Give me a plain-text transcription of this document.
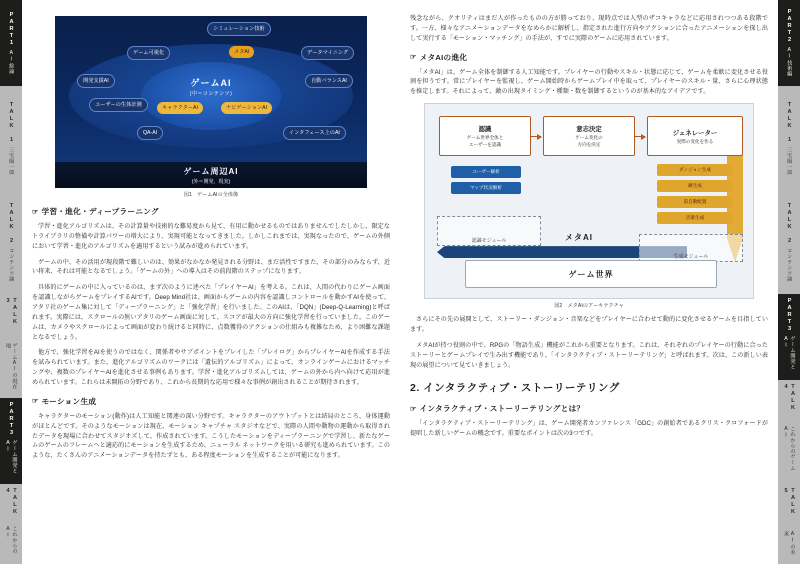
PART1
AI総論
TALK 1
三宅陽一郎
TALK 2
コンテンツ論
TALK 3
ゲームAIの現在地
PART3
ゲーム開発とAI
TALK 4
これからのAI
ゲームAI
(中＝コンテンツ)
シミュレーション技術
ゲーム可視化	メタAI	データマイニング
開発支援AI	自動バランスAI
ユーザーの生体計測	キャラクターAI	ナビゲーションAI
QA-AI	インタフェース上のAI
ゲーム周辺AI
(外＝開発、現実)
図1　ゲームAIの全体像
☞ 学習・進化・ディープラーニング

学習・進化アルゴリズムは、その計算量や技術的な難易度から見て、有用に動かせるものではありませんでしたしかし、限定なトライブラリの整備や計算パワーの増大により、実現可能となってきました。しかしこれまでは、実現なったので、ゲームの外側において学習・進化のアルゴリズムを適用するという試みが進められています。

ゲームの中、その活用が現段階で難しいのは、効果がなかなか発見される分野は、まだ活性ですまた、その部分のみならず、近い将来、それは可能となるでしょう。「ゲームの外」への導入はその前段階のステップになります。

具体的にゲームの中に入っているのは、まず次のように述べた「プレイヤーAI」を考える。これは、人間の代わりにゲーム画面を認識しながらゲームをプレイするAIです。Deep Mind社は、画面からゲームの内容を認識しコントロールを動かすAIを使って、アタリ社のゲーム集に対して「ディープラーニング」と「強化学習」を行いました。このAIは、「DQN」(Deep-Q-Learning)と呼ばれます。実際には、スクロールの無いアタリのゲーム画面に対して、スコアが最大の方向に強化学習を行っていました。このゲームは、カメラやスクロールによって画面が変わり続けると同時に、点数獲得のアクションの仕組みも複雑なため、より困難な課題となるでしょう。

他方で、強化学習をAIを使うのではなく、関係者やサブポイントをプレイした「プレイログ」からプレイヤーAIを作成する手法を試みられています。また、進化アルゴリズムのワークには「遺伝的アルゴリズム」によって、オンラインゲームにおけるマッチングや、複数のプレイヤーAIを進化させる事例もあります。学習・進化アルゴリズムしては、ゲームの外から内へ向けて応用が進められています。これらは未開拓の分野であり、これから長期的な応用で様々な事例が創出されることが期待されます。

☞ モーション生成

キャラクターのモーション(動作)は人工知能と関連の深い分野です。キャラクターのアウトプットとは結局のところ、身体運動がほとんどです。そのようなモーションは現在、モーション キャプチャ スタジオなどで、実際の人間や動物の運動から取得されたデータを現場に合わせてスタジオズして、作成されています。こうしたモーションをディープラーニングで学習し、新たなゲームのゲームのフレームへと適応的にモーションを生成するため、ニューラル ネットワークを用いる研究も進められています。このような、たくさんのアニメーションデータを持たずとも、ある程度モーションを生成することが可能になります。

残念ながら、クオリティはまだ人が作ったものの方が勝っており、現時点では人型のザコキャラなどに応用されつつある段階です。一方、様々なアニメーションデータをなめらかに解析し、指定された進行方向やアクションに合ったアニメーションを探し出して実行する「モーション・マッチング」の手法が、すでに実際のゲームに応用されています。

☞ メタAIの進化

「メタAI」は、ゲーム全体を制御する人工知能です。プレイヤーの行動やスキル・状態に応じて、ゲームを柔軟に変化させる役割を担うです。常にプレイヤーを監視し、ゲーム開始時からゲームプレイ中を取って、プレイヤーのスキル・量、さらに心理状態を推定します。それによって、敵の出現タイミング・種類・数を制御するというのが基本的なアイデアです。

認識モジュール
生成モジュール
認識
ゲーム世界全体と
ユーザーを認識
意志決定
ゲーム変化の
方向を決定
ジェネレーター
実際の変化を作る
ユーザー解析
マップ状況解析
ダンジョン生成
敵生成
前自動配置
音楽生成
メタAI
ゲーム世界
図2　メタAIのアーキテクチャ

さらにその先の展開として、ストーリー・ダンジョン・音楽などをプレイヤーに合わせて動的に変化させるゲームを目指しています。

メタAIが持つ役割の中で、RPGの「物語生成」機能がこれから重要となります。これは、それぞれのプレイヤーの行動に合ったストーリーとゲームプレイで生み出す機能であり、「インタラクティブ・ストーリーテリング」と呼ばれます。次は、この新しい表現の展望について見ていきましょう。

2. インタラクティブ・ストーリーテリング
☞ インタラクティブ・ストーリーテリングとは？

「インタラクティブ・ストーリーテリング」は、ゲーム開発者カンファレンス「GDC」の創始者であるクリス・クロフォードが提唱した新しいゲームの概念です。重要なポイントは次の3つです。

PART2
AI技術編
TALK 1
三宅陽一郎
TALK 2
コンテンツ論
PART3
ゲーム開発とAI
TALK 4
これからのゲームAI
TALK 5
AIの未来
